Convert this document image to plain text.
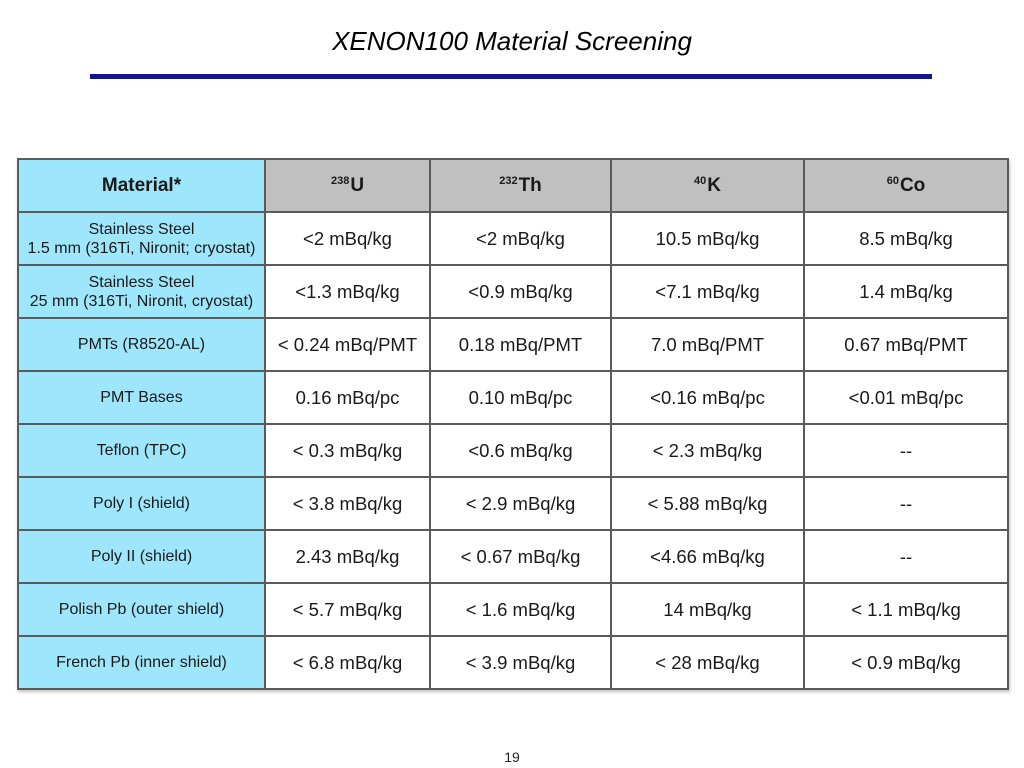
XENON100 Material Screening
Material*	$^{238}$U	$^{232}$Th	$^{40}$K	$^{60}$Co

Stainless Steel
1.5 mm (316Ti, Nironit; cryostat)	<2 mBq/kg	<2 mBq/kg	10.5 mBq/kg	8.5 mBq/kg

Stainless Steel
25 mm (316Ti, Nironit, cryostat)	<1.3 mBq/kg	<0.9 mBq/kg	<7.1 mBq/kg	1.4 mBq/kg

PMTs (R8520-AL)	< 0.24 mBq/PMT	0.18 mBq/PMT	7.0 mBq/PMT	0.67 mBq/PMT

PMT Bases	0.16 mBq/pc	0.10 mBq/pc	<0.16 mBq/pc	<0.01 mBq/pc

Teflon (TPC)	< 0.3 mBq/kg	<0.6 mBq/kg	< 2.3 mBq/kg	--

Poly I (shield)	< 3.8 mBq/kg	< 2.9 mBq/kg	< 5.88 mBq/kg	--

Poly II (shield)	2.43 mBq/kg	< 0.67 mBq/kg	<4.66 mBq/kg	--

Polish Pb (outer shield)	< 5.7 mBq/kg	< 1.6 mBq/kg	14 mBq/kg	< 1.1 mBq/kg

French Pb (inner shield)	< 6.8 mBq/kg	< 3.9 mBq/kg	< 28 mBq/kg	< 0.9 mBq/kg
19
